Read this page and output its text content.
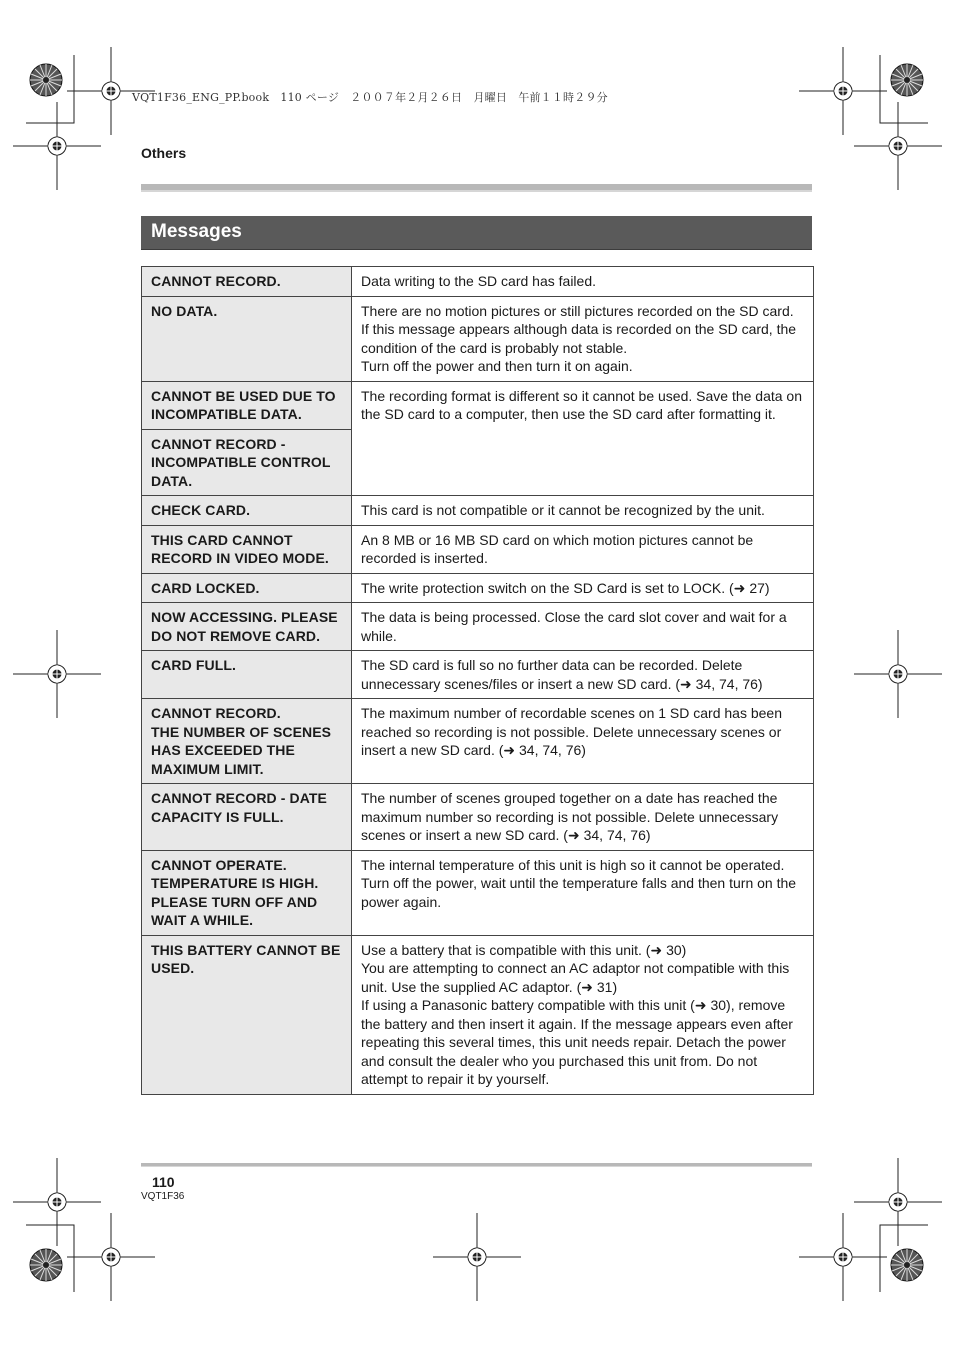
VQT1F36_ENG_PP.book　110 ページ　２００７年２月２６日　月曜日　午前１１時２９分
Others
Messages
CANNOT RECORD.	Data writing to the SD card has failed.

NO DATA.	There are no motion pictures or still pictures recorded on the SD card.
If this message appears although data is recorded on the SD card, the condition of the card is probably not stable.
Turn off the power and then turn it on again.

CANNOT BE USED DUE TO INCOMPATIBLE DATA.	The recording format is different so it cannot be used. Save the data on the SD card to a computer, then use the SD card after formatting it.

CANNOT RECORD - INCOMPATIBLE CONTROL DATA.	

CHECK CARD.	This card is not compatible or it cannot be recognized by the unit.

THIS CARD CANNOT RECORD IN VIDEO MODE.	An 8 MB or 16 MB SD card on which motion pictures cannot be recorded is inserted.

CARD LOCKED.	The write protection switch on the SD Card is set to LOCK. (➜ 27)

NOW ACCESSING. PLEASE DO NOT REMOVE CARD.	The data is being processed. Close the card slot cover and wait for a while.

CARD FULL.	The SD card is full so no further data can be recorded. Delete unnecessary scenes/files or insert a new SD card. (➜ 34, 74, 76)

CANNOT RECORD.
THE NUMBER OF SCENES HAS EXCEEDED THE MAXIMUM LIMIT.	The maximum number of recordable scenes on 1 SD card has been reached so recording is not possible. Delete unnecessary scenes or insert a new SD card. (➜ 34, 74, 76)

CANNOT RECORD - DATE CAPACITY IS FULL.	The number of scenes grouped together on a date has reached the maximum number so recording is not possible. Delete unnecessary scenes or insert a new SD card. (➜ 34, 74, 76)

CANNOT OPERATE.
TEMPERATURE IS HIGH. PLEASE TURN OFF AND WAIT A WHILE.	The internal temperature of this unit is high so it cannot be operated. Turn off the power, wait until the temperature falls and then turn on the power again.

THIS BATTERY CANNOT BE USED.	Use a battery that is compatible with this unit. (➜ 30)
You are attempting to connect an AC adaptor not compatible with this unit. Use the supplied AC adaptor. (➜ 31)
If using a Panasonic battery compatible with this unit (➜ 30), remove the battery and then insert it again. If the message appears even after repeating this several times, this unit needs repair. Detach the power and consult the dealer who you purchased this unit from. Do not attempt to repair it by yourself.
110
VQT1F36
